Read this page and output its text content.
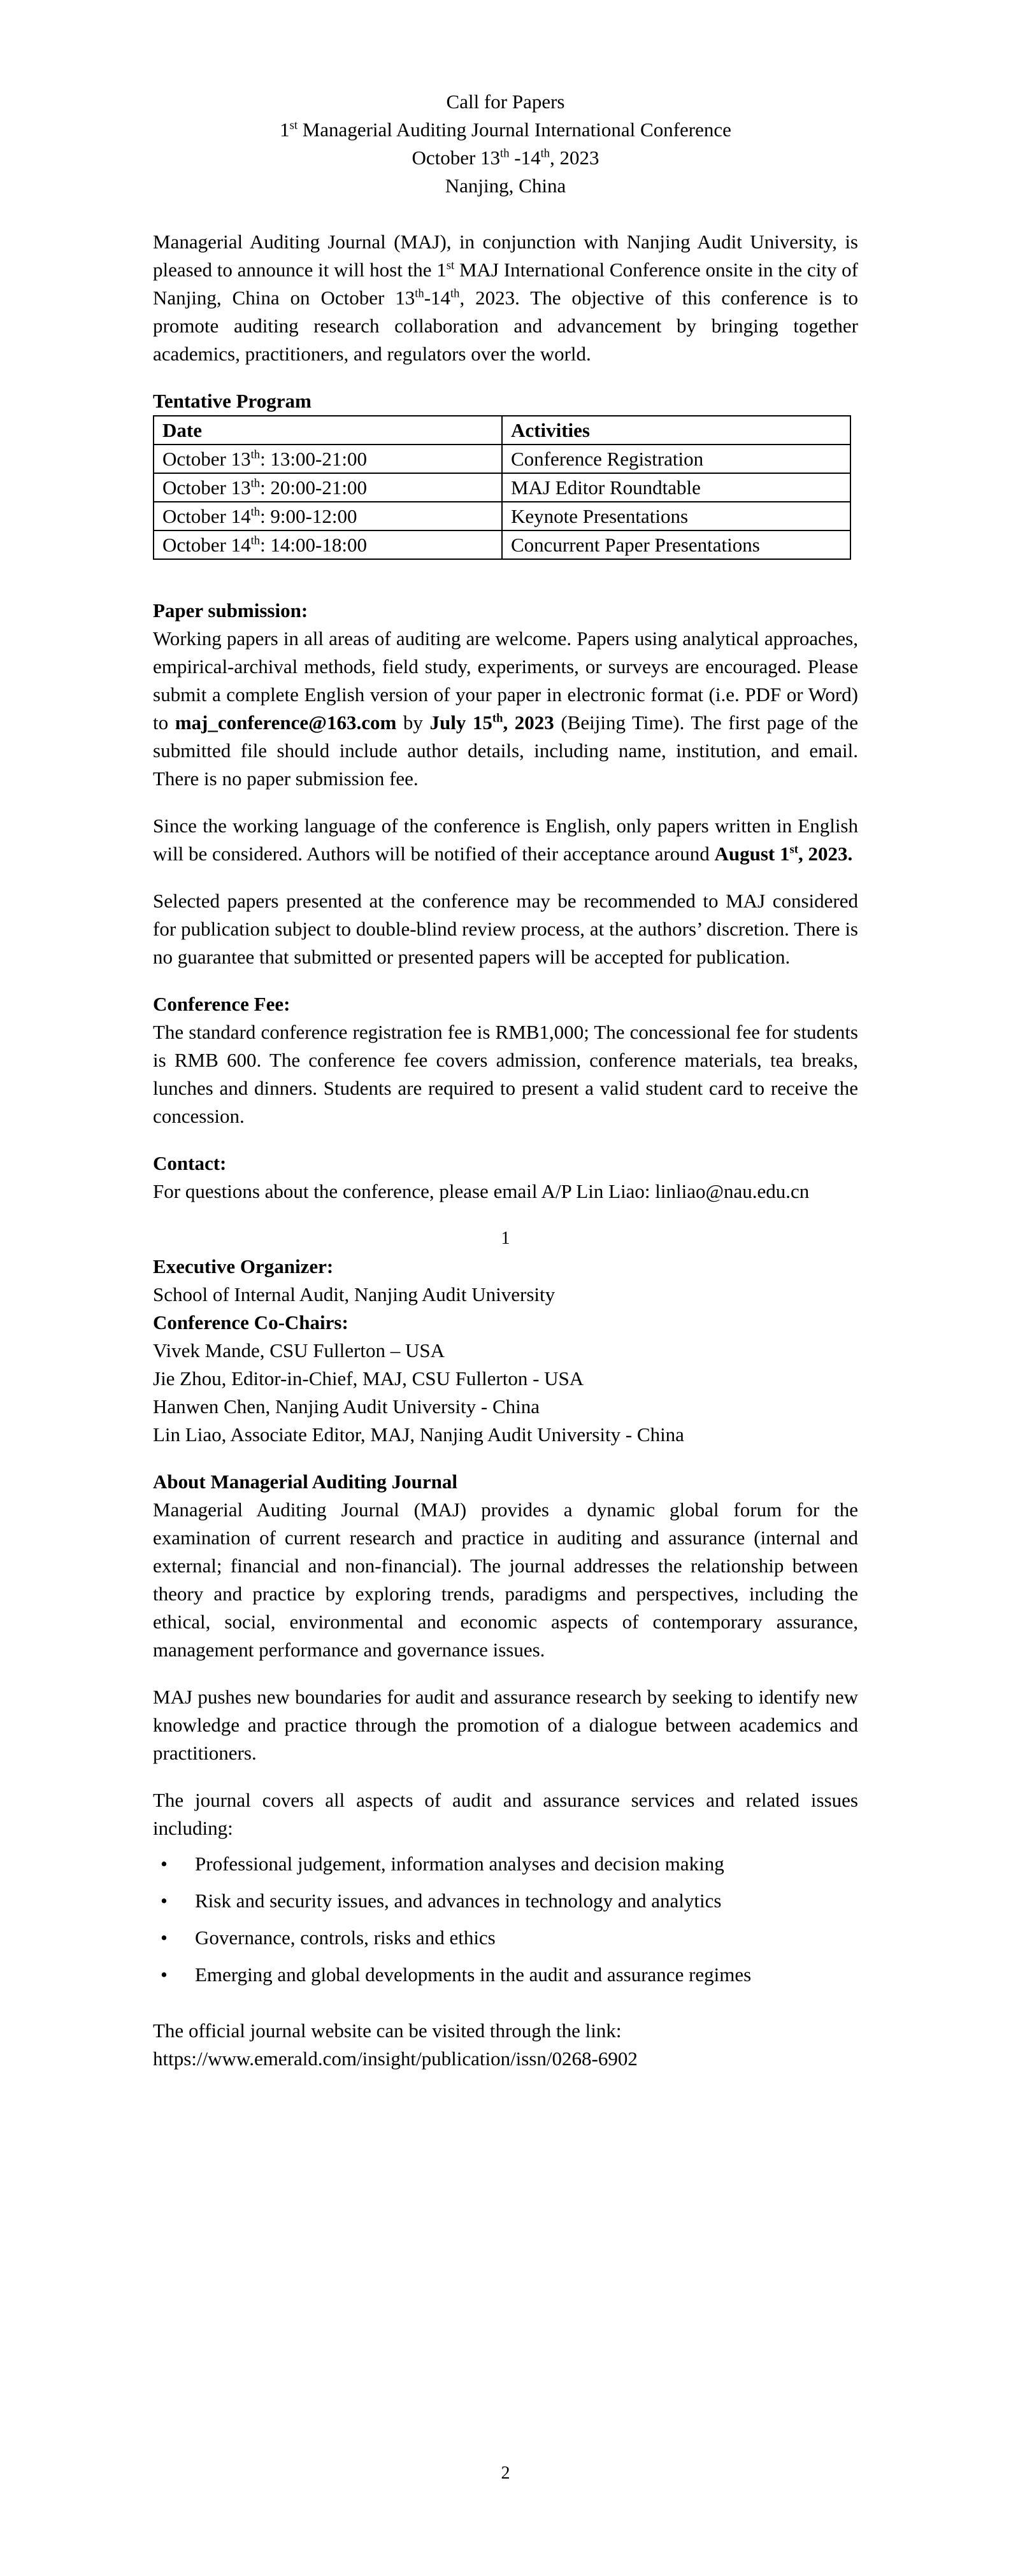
Call for Papers

1st Managerial Auditing Journal International Conference

October 13th -14th, 2023

Nanjing, China

Managerial Auditing Journal (MAJ), in conjunction with Nanjing Audit University, is pleased to announce it will host the 1st MAJ International Conference onsite in the city of Nanjing, China on October 13th-14th, 2023. The objective of this conference is to promote auditing research collaboration and advancement by bringing together academics, practitioners, and regulators over the world.

Tentative Program

Date	Activities
October 13th: 13:00-21:00	Conference Registration
October 13th: 20:00-21:00	MAJ Editor Roundtable
October 14th: 9:00-12:00	Keynote Presentations
October 14th: 14:00-18:00	Concurrent Paper Presentations

Paper submission:

Working papers in all areas of auditing are welcome. Papers using analytical approaches, empirical-archival methods, field study, experiments, or surveys are encouraged. Please submit a complete English version of your paper in electronic format (i.e. PDF or Word) to maj_conference@163.com by July 15th, 2023 (Beijing Time). The first page of the submitted file should include author details, including name, institution, and email. There is no paper submission fee.

Since the working language of the conference is English, only papers written in English will be considered. Authors will be notified of their acceptance around August 1st, 2023.

Selected papers presented at the conference may be recommended to MAJ considered for publication subject to double-blind review process, at the authors’ discretion. There is no guarantee that submitted or presented papers will be accepted for publication.

Conference Fee:

The standard conference registration fee is RMB1,000; The concessional fee for students is RMB 600. The conference fee covers admission, conference materials, tea breaks, lunches and dinners. Students are required to present a valid student card to receive the concession.

Contact:

For questions about the conference, please email A/P Lin Liao: linliao@nau.edu.cn

1

Executive Organizer:

School of Internal Audit, Nanjing Audit University

Conference Co-Chairs:

Vivek Mande, CSU Fullerton – USA

Jie Zhou, Editor-in-Chief, MAJ, CSU Fullerton - USA

Hanwen Chen, Nanjing Audit University - China

Lin Liao, Associate Editor, MAJ, Nanjing Audit University - China

About Managerial Auditing Journal

Managerial Auditing Journal (MAJ) provides a dynamic global forum for the examination of current research and practice in auditing and assurance (internal and external; financial and non-financial). The journal addresses the relationship between theory and practice by exploring trends, paradigms and perspectives, including the ethical, social, environmental and economic aspects of contemporary assurance, management performance and governance issues.

MAJ pushes new boundaries for audit and assurance research by seeking to identify new knowledge and practice through the promotion of a dialogue between academics and practitioners.

The journal covers all aspects of audit and assurance services and related issues including:

• Professional judgement, information analyses and decision making
• Risk and security issues, and advances in technology and analytics
• Governance, controls, risks and ethics
• Emerging and global developments in the audit and assurance regimes

The official journal website can be visited through the link:

https://www.emerald.com/insight/publication/issn/0268-6902

2
